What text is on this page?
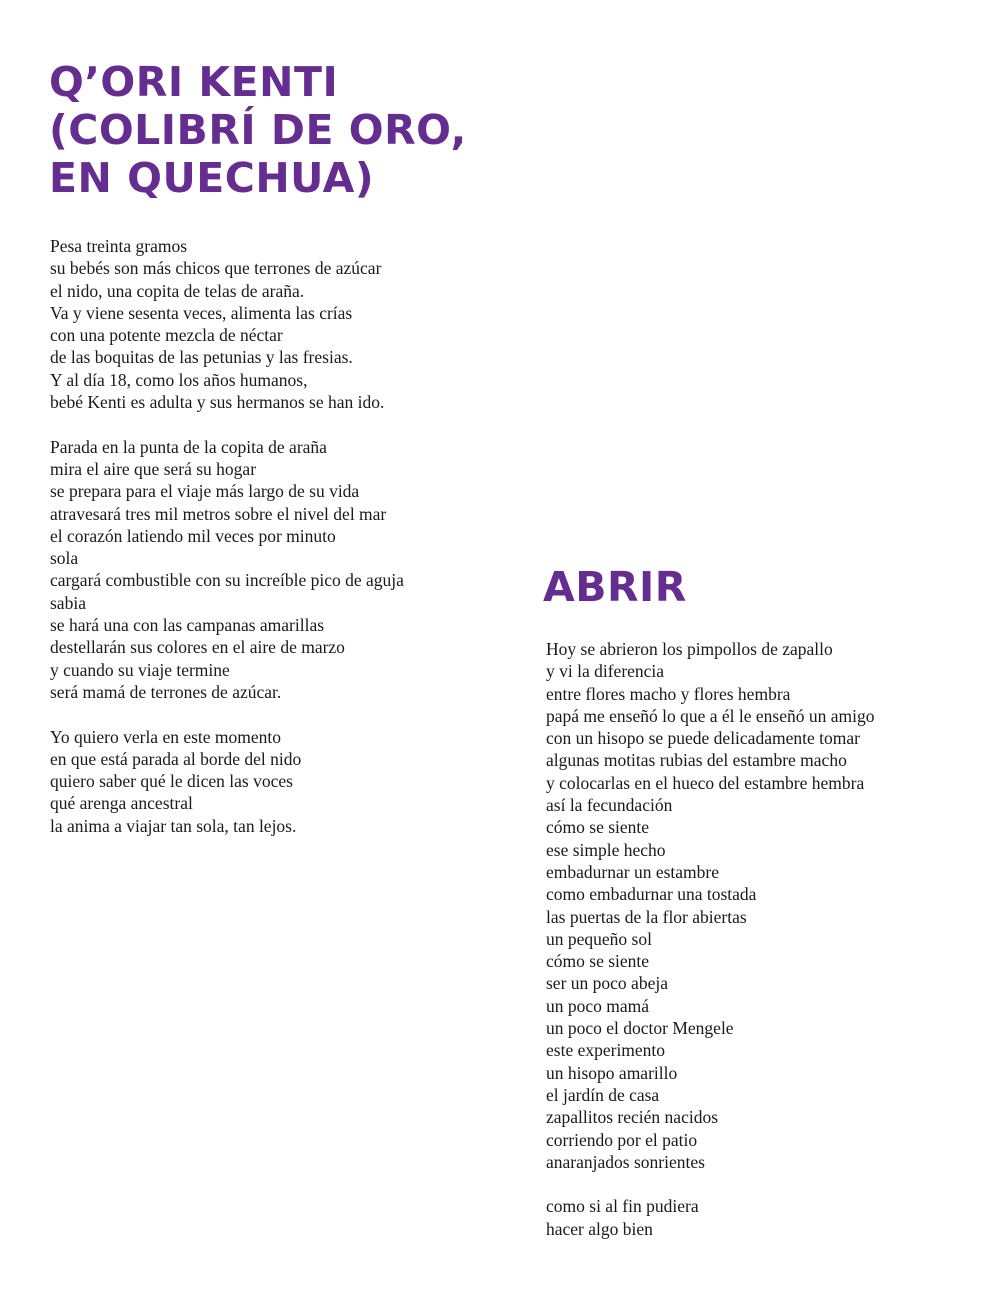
Q’ORI KENTI (COLIBRÍ DE ORO, EN QUECHUA)
Pesa treinta gramos
su bebés son más chicos que terrones de azúcar
el nido, una copita de telas de araña.
Va y viene sesenta veces, alimenta las crías
con una potente mezcla de néctar
de las boquitas de las petunias y las fresias.
Y al día 18, como los años humanos,
bebé Kenti es adulta y sus hermanos se han ido.
Parada en la punta de la copita de araña
mira el aire que será su hogar
se prepara para el viaje más largo de su vida
atravesará tres mil metros sobre el nivel del mar
el corazón latiendo mil veces por minuto
sola
cargará combustible con su increíble pico de aguja
sabia
se hará una con las campanas amarillas
destellarán sus colores en el aire de marzo
y cuando su viaje termine
será mamá de terrones de azúcar.
Yo quiero verla en este momento
en que está parada al borde del nido
quiero saber qué le dicen las voces
qué arenga ancestral
la anima a viajar tan sola, tan lejos.
ABRIR
Hoy se abrieron los pimpollos de zapallo
y vi la diferencia
entre flores macho y flores hembra
papá me enseñó lo que a él le enseñó un amigo
con un hisopo se puede delicadamente tomar
algunas motitas rubias del estambre macho
y colocarlas en el hueco del estambre hembra
así la fecundación
cómo se siente
ese simple hecho
embadurnar un estambre
como embadurnar una tostada
las puertas de la flor abiertas
un pequeño sol
cómo se siente
ser un poco abeja
un poco mamá
un poco el doctor Mengele
este experimento
un hisopo amarillo
el jardín de casa
zapallitos recién nacidos
corriendo por el patio
anaranjados sonrientes
como si al fin pudiera
hacer algo bien
